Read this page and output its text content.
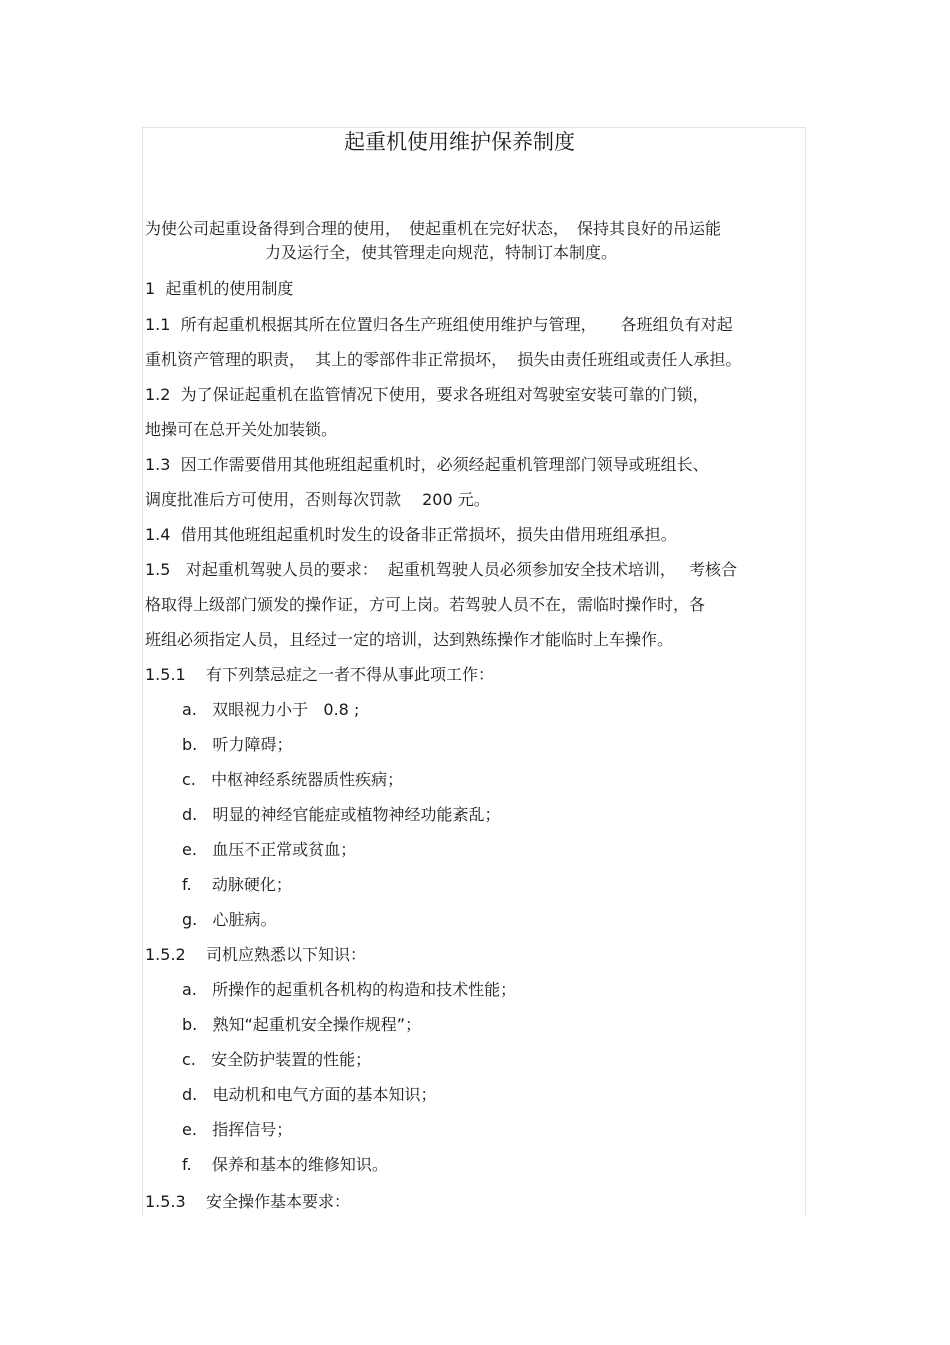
起重机使用维护保养制度
为使公司起重设备得到合理的使用，　使起重机在完好状态，　保持其良好的吊运能
力及运行全，使其管理走向规范，特制订本制度。
1  起重机的使用制度
1.1  所有起重机根据其所在位置归各生产班组使用维护与管理，　　各班组负有对起
重机资产管理的职责，  其上的零部件非正常损坏，  损失由责任班组或责任人承担。
1.2  为了保证起重机在监管情况下使用，要求各班组对驾驶室安装可靠的门锁，
地操可在总开关处加装锁。
1.3  因工作需要借用其他班组起重机时，必须经起重机管理部门领导或班组长、
调度批准后方可使用，否则每次罚款　 200 元。
1.4  借用其他班组起重机时发生的设备非正常损坏，损失由借用班组承担。
1.5   对起重机驾驶人员的要求：  起重机驾驶人员必须参加安全技术培训，　 考核合
格取得上级部门颁发的操作证，方可上岗。若驾驶人员不在，需临时操作时，各
班组必须指定人员，且经过一定的培训，达到熟练操作才能临时上车操作。
1.5.1    有下列禁忌症之一者不得从事此项工作：
a.   双眼视力小于   0.8 ;
b.   听力障碍；
c.   中枢神经系统器质性疾病；
d.   明显的神经官能症或植物神经功能紊乱；
e.   血压不正常或贫血；
f.    动脉硬化；
g.   心脏病。
1.5.2    司机应熟悉以下知识：
a.   所操作的起重机各机构的构造和技术性能；
b.   熟知“起重机安全操作规程”；
c.   安全防护装置的性能；
d.   电动机和电气方面的基本知识；
e.   指挥信号；
f.    保养和基本的维修知识。
1.5.3    安全操作基本要求：
